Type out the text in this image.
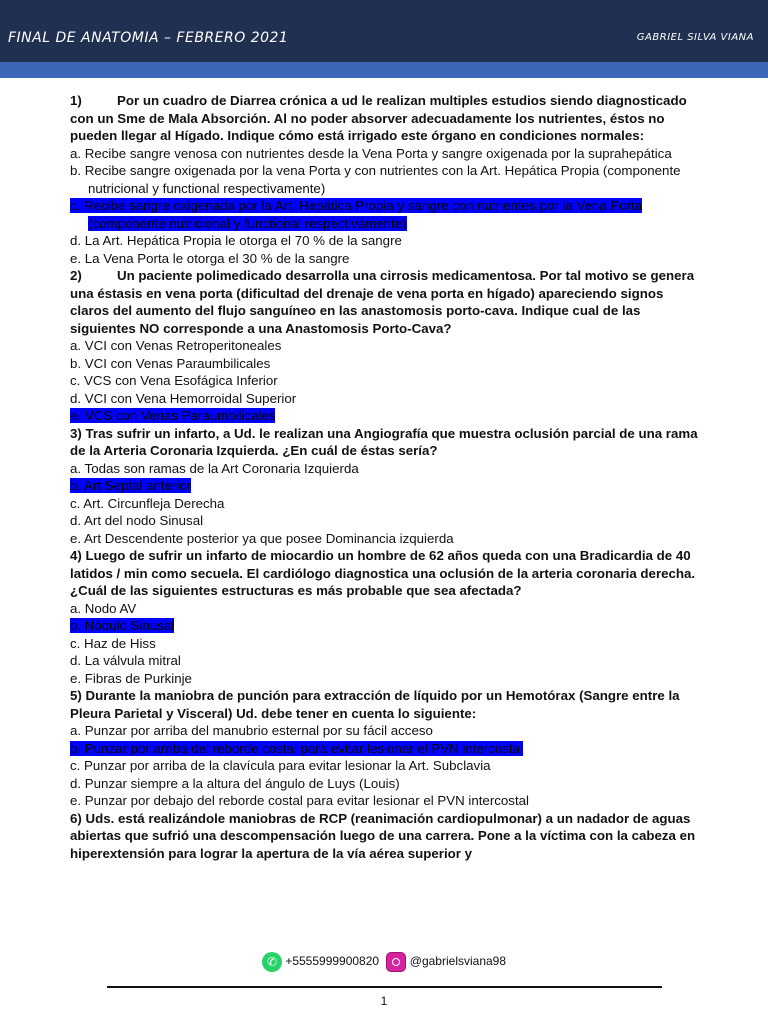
FINAL DE ANATOMIA – FEBRERO 2021	GABRIEL SILVA VIANA

1)	Por un cuadro de Diarrea crónica a ud le realizan multiples estudios siendo diagnosticado con un Sme de Mala Absorción. Al no poder absorver adecuadamente los nutrientes, éstos no pueden llegar al Hígado. Indique cómo está irrigado este órgano en condiciones normales:

a. Recibe sangre venosa con nutrientes desde la Vena Porta y sangre oxigenada por la suprahepática

b. Recibe sangre oxigenada por la vena Porta y con nutrientes con la Art. Hepática Propia (componente nutricional y functional respectivamente)

c. Recibe sangre oxigenada por la Art. Hepática Propia y sangre con nutrientes por la Vena Porta (componente nutricional y functional respectivamente)

d. La Art. Hepática Propia le otorga el 70 % de la sangre

e. La Vena Porta le otorga el 30 % de la sangre

2)	Un paciente polimedicado desarrolla una cirrosis medicamentosa. Por tal motivo se genera una éstasis en vena porta (dificultad del drenaje de vena porta en hígado) apareciendo signos claros del aumento del flujo sanguíneo en las anastomosis porto-cava. Indique cual de las siguientes NO corresponde a una Anastomosis Porto-Cava?

a. VCI con Venas Retroperitoneales

b. VCI con Venas Paraumbilicales

c. VCS con Vena Esofágica Inferior

d. VCI con Vena Hemorroidal Superior

e. VCS con Venas Paraumbilicales

3) Tras sufrir un infarto, a Ud. le realizan una Angiografía que muestra oclusión parcial de una rama de la Arteria Coronaria Izquierda. ¿En cuál de éstas sería?

a. Todas son ramas de la Art Coronaria Izquierda

b. Art Septal anterior

c. Art. Circunfleja Derecha

d. Art del nodo Sinusal

e. Art Descendente posterior ya que posee Dominancia izquierda

4) Luego de sufrir un infarto de miocardio un hombre de 62 años queda con una Bradicardia de 40 latidos / min como secuela. El cardiólogo diagnostica una oclusión de la arteria coronaria derecha. ¿Cuál de las siguientes estructuras es más probable que sea afectada?

a. Nodo AV

b. Nódulo Sinusal

c. Haz de Hiss

d. La válvula mitral

e. Fibras de Purkinje

5) Durante la maniobra de punción para extracción de líquido por un Hemotórax (Sangre entre la Pleura Parietal y Visceral) Ud. debe tener en cuenta lo siguiente:

a. Punzar por arriba del manubrio esternal por su fácil acceso

b. Punzar por arriba del reborde costal para evitar lesionar el PVN intercostal

c. Punzar por arriba de la clavícula para evitar lesionar la Art. Subclavia

d. Punzar siempre a la altura del ángulo de Luys (Louis)

e. Punzar por debajo del reborde costal para evitar lesionar el PVN intercostal

6) Uds. está realizándole maniobras de RCP (reanimación cardiopulmonar) a un nadador de aguas abiertas que sufrió una descompensación luego de una carrera. Pone a la víctima con la cabeza en hiperextensión para lograr la apertura de la vía aérea superior y

✆ +5555999900820	@gabrielsviana98
1
